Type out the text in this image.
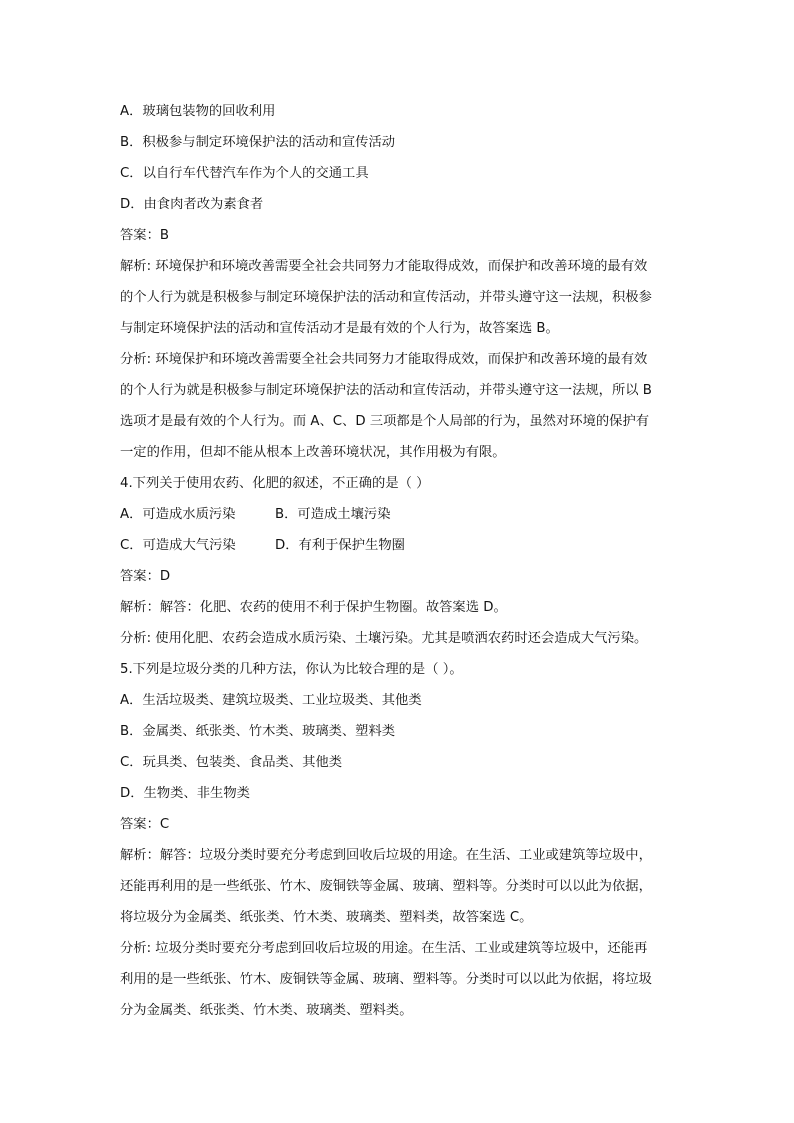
A．玻璃包装物的回收利用
B．积极参与制定环境保护法的活动和宣传活动
C．以自行车代替汽车作为个人的交通工具
D．由食肉者改为素食者
答案：B
解析: 环境保护和环境改善需要全社会共同努力才能取得成效，而保护和改善环境的最有效
的个人行为就是积极参与制定环境保护法的活动和宣传活动，并带头遵守这一法规，积极参
与制定环境保护法的活动和宣传活动才是最有效的个人行为，故答案选 B。
分析: 环境保护和环境改善需要全社会共同努力才能取得成效，而保护和改善环境的最有效
的个人行为就是积极参与制定环境保护法的活动和宣传活动，并带头遵守这一法规，所以 B
选项才是最有效的个人行为。而 A、C、D 三项都是个人局部的行为，虽然对环境的保护有
一定的作用，但却不能从根本上改善环境状况，其作用极为有限。
4.下列关于使用农药、化肥的叙述，不正确的是（ ）
A．可造成水质污染	B．可造成土壤污染
C．可造成大气污染	D．有利于保护生物圈
答案：D
解析：解答：化肥、农药的使用不利于保护生物圈。故答案选 D。
分析: 使用化肥、农药会造成水质污染、土壤污染。尤其是喷洒农药时还会造成大气污染。
5.下列是垃圾分类的几种方法，你认为比较合理的是（ ）。
A．生活垃圾类、建筑垃圾类、工业垃圾类、其他类
B．金属类、纸张类、竹木类、玻璃类、塑料类
C．玩具类、包装类、食品类、其他类
D．生物类、非生物类
答案：C
解析：解答：垃圾分类时要充分考虑到回收后垃圾的用途。在生活、工业或建筑等垃圾中，
还能再利用的是一些纸张、竹木、废铜铁等金属、玻璃、塑料等。分类时可以以此为依据，
将垃圾分为金属类、纸张类、竹木类、玻璃类、塑料类，故答案选 C。
分析: 垃圾分类时要充分考虑到回收后垃圾的用途。在生活、工业或建筑等垃圾中，还能再
利用的是一些纸张、竹木、废铜铁等金属、玻璃、塑料等。分类时可以以此为依据，将垃圾
分为金属类、纸张类、竹木类、玻璃类、塑料类。
